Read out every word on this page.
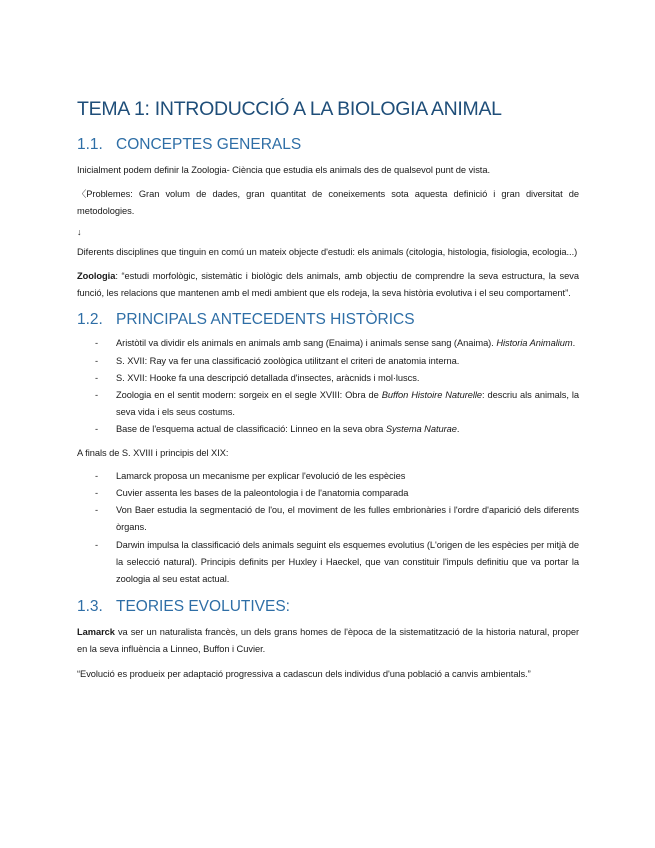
TEMA 1: INTRODUCCIÓ A LA BIOLOGIA ANIMAL
1.1. CONCEPTES GENERALS

Inicialment podem definir la Zoologia- Ciència que estudia els animals des de qualsevol punt de vista.

〈Problemes: Gran volum de dades, gran quantitat de coneixements sota aquesta definició i gran diversitat de metodologies.

↓

Diferents disciplines que tinguin en comú un mateix objecte d'estudi: els animals (citologia, histologia, fisiologia, ecologia...)

Zoologia: “estudi morfològic, sistemàtic i biològic dels animals, amb objectiu de comprendre la seva estructura, la seva funció, les relacions que mantenen amb el medi ambient que els rodeja, la seva història evolutiva i el seu comportament”.

1.2. PRINCIPALS ANTECEDENTS HISTÒRICS
- Aristòtil va dividir els animals en animals amb sang (Enaima) i animals sense sang (Anaima). Historia Animalium.
- S. XVII: Ray va fer una classificació zoològica utilitzant el criteri de anatomia interna.
- S. XVII: Hooke fa una descripció detallada d'insectes, aràcnids i mol·luscs.
- Zoologia en el sentit modern: sorgeix en el segle XVIII: Obra de Buffon Histoire Naturelle: descriu als animals, la seva vida i els seus costums.
- Base de l'esquema actual de classificació: Linneo en la seva obra Systema Naturae.

A finals de S. XVIII i principis del XIX:

- Lamarck proposa un mecanisme per explicar l'evolució de les espècies
- Cuvier assenta les bases de la paleontologia i de l'anatomia comparada
- Von Baer estudia la segmentació de l'ou, el moviment de les fulles embrionàries i l'ordre d'aparició dels diferents òrgans.
- Darwin impulsa la classificació dels animals seguint els esquemes evolutius (L'origen de les espècies per mitjà de la selecció natural). Principis definits per Huxley i Haeckel, que van constituir l'impuls definitiu que va portar la zoologia al seu estat actual.
1.3. TEORIES EVOLUTIVES:

Lamarck va ser un naturalista francès, un dels grans homes de l'època de la sistematització de la historia natural, proper en la seva influència a Linneo, Buffon i Cuvier.

“Evolució es produeix per adaptació progressiva a cadascun dels individus d'una població a canvis ambientals.”
